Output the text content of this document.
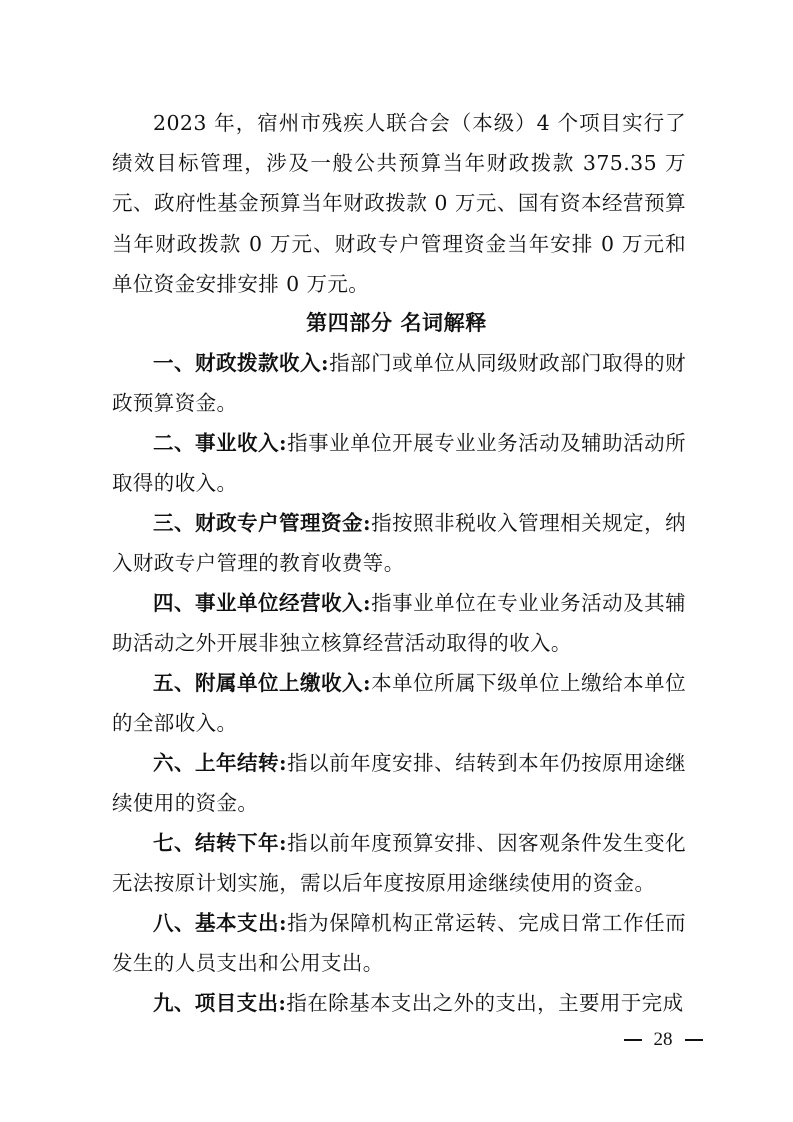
2023 年，宿州市残疾人联合会（本级）4 个项目实行了绩效目标管理，涉及一般公共预算当年财政拨款 375.35 万元、政府性基金预算当年财政拨款 0 万元、国有资本经营预算当年财政拨款 0 万元、财政专户管理资金当年安排 0 万元和单位资金安排安排 0 万元。

第四部分 名词解释

一、财政拨款收入:指部门或单位从同级财政部门取得的财政预算资金。

二、事业收入:指事业单位开展专业业务活动及辅助活动所取得的收入。

三、财政专户管理资金:指按照非税收入管理相关规定，纳入财政专户管理的教育收费等。

四、事业单位经营收入:指事业单位在专业业务活动及其辅助活动之外开展非独立核算经营活动取得的收入。

五、附属单位上缴收入:本单位所属下级单位上缴给本单位的全部收入。

六、上年结转:指以前年度安排、结转到本年仍按原用途继续使用的资金。

七、结转下年:指以前年度预算安排、因客观条件发生变化无法按原计划实施，需以后年度按原用途继续使用的资金。

八、基本支出:指为保障机构正常运转、完成日常工作任而发生的人员支出和公用支出。

九、项目支出:指在除基本支出之外的支出，主要用于完成

28
